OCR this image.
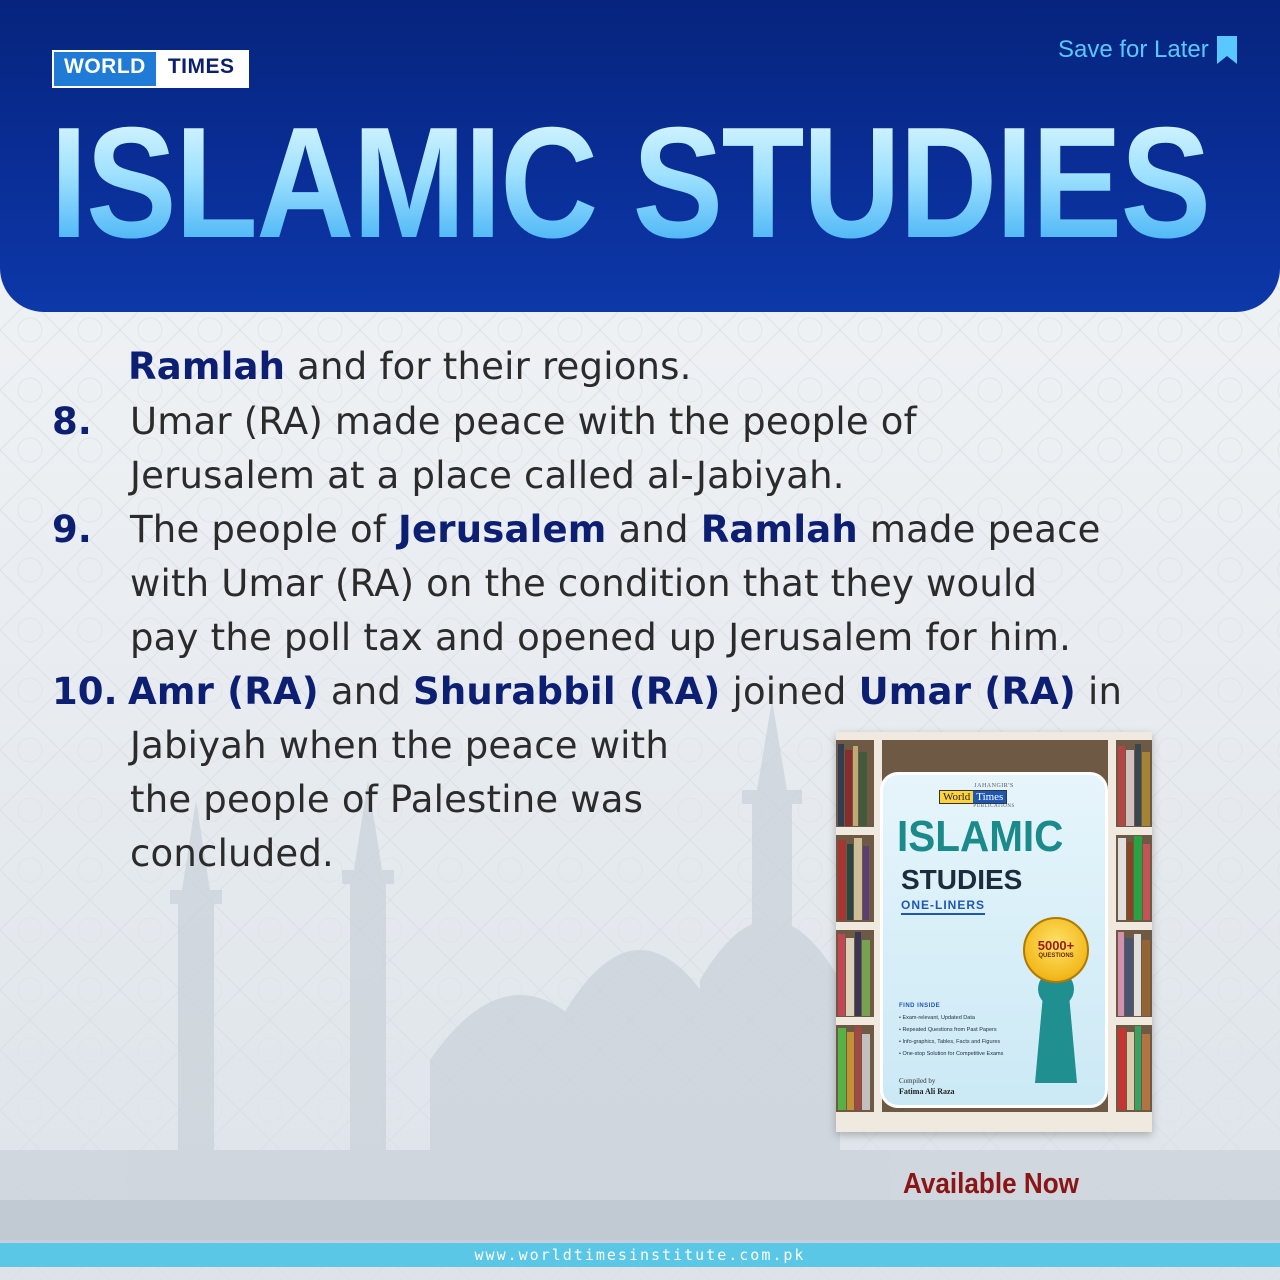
WORLD	TIMES
Save for Later
ISLAMIC STUDIES
Ramlah and for their regions.
8. Umar (RA) made peace with the people of
Jerusalem at a place called al-Jabiyah.
9. The people of Jerusalem and Ramlah made peace
with Umar (RA) on the condition that they would
pay the poll tax and opened up Jerusalem for him.
10. Amr (RA) and Shurabbil (RA) joined Umar (RA) in
Jabiyah when the peace with
the people of Palestine was
concluded.
JAHANGIR'S
World Times
PUBLICATIONS
ISLAMIC
STUDIES
ONE-LINERS
5000+
QUESTIONS
FIND INSIDE
• Exam-relevant, Updated Data
• Repeated Questions from Past Papers
• Info-graphics, Tables, Facts and Figures
• One-stop Solution for Competitive Exams
Compiled by
Fatima Ali Raza
Available Now
www.worldtimesinstitute.com.pk
